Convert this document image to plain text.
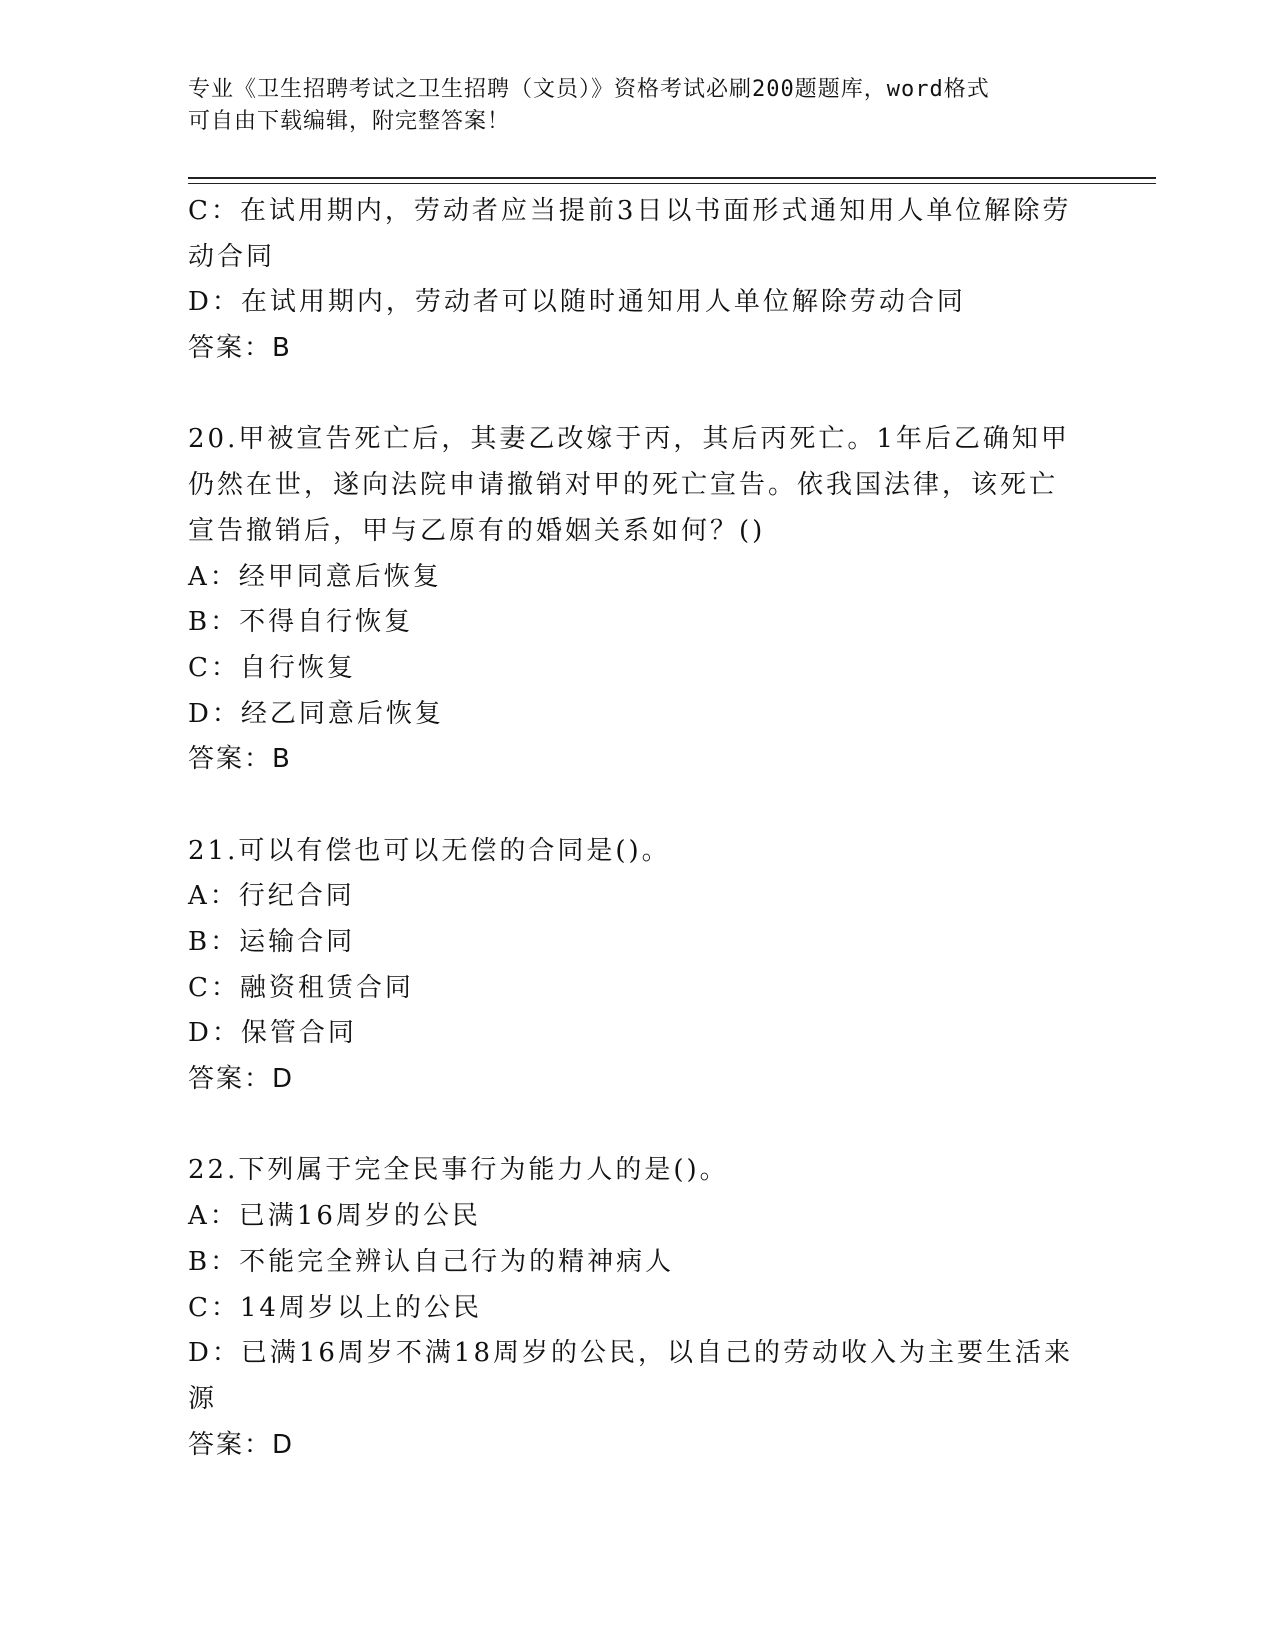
专业《卫生招聘考试之卫生招聘（文员）》资格考试必刷200题题库，word格式
可自由下载编辑，附完整答案！
C：在试用期内，劳动者应当提前3日以书面形式通知用人单位解除劳
动合同
D：在试用期内，劳动者可以随时通知用人单位解除劳动合同
答案：B
20.甲被宣告死亡后，其妻乙改嫁于丙，其后丙死亡。1年后乙确知甲
仍然在世，遂向法院申请撤销对甲的死亡宣告。依我国法律，该死亡
宣告撤销后，甲与乙原有的婚姻关系如何？()
A：经甲同意后恢复
B：不得自行恢复
C：自行恢复
D：经乙同意后恢复
答案：B
21.可以有偿也可以无偿的合同是()。
A：行纪合同
B：运输合同
C：融资租赁合同
D：保管合同
答案：D
22.下列属于完全民事行为能力人的是()。
A：已满16周岁的公民
B：不能完全辨认自己行为的精神病人
C：14周岁以上的公民
D：已满16周岁不满18周岁的公民，以自己的劳动收入为主要生活来
源
答案：D
